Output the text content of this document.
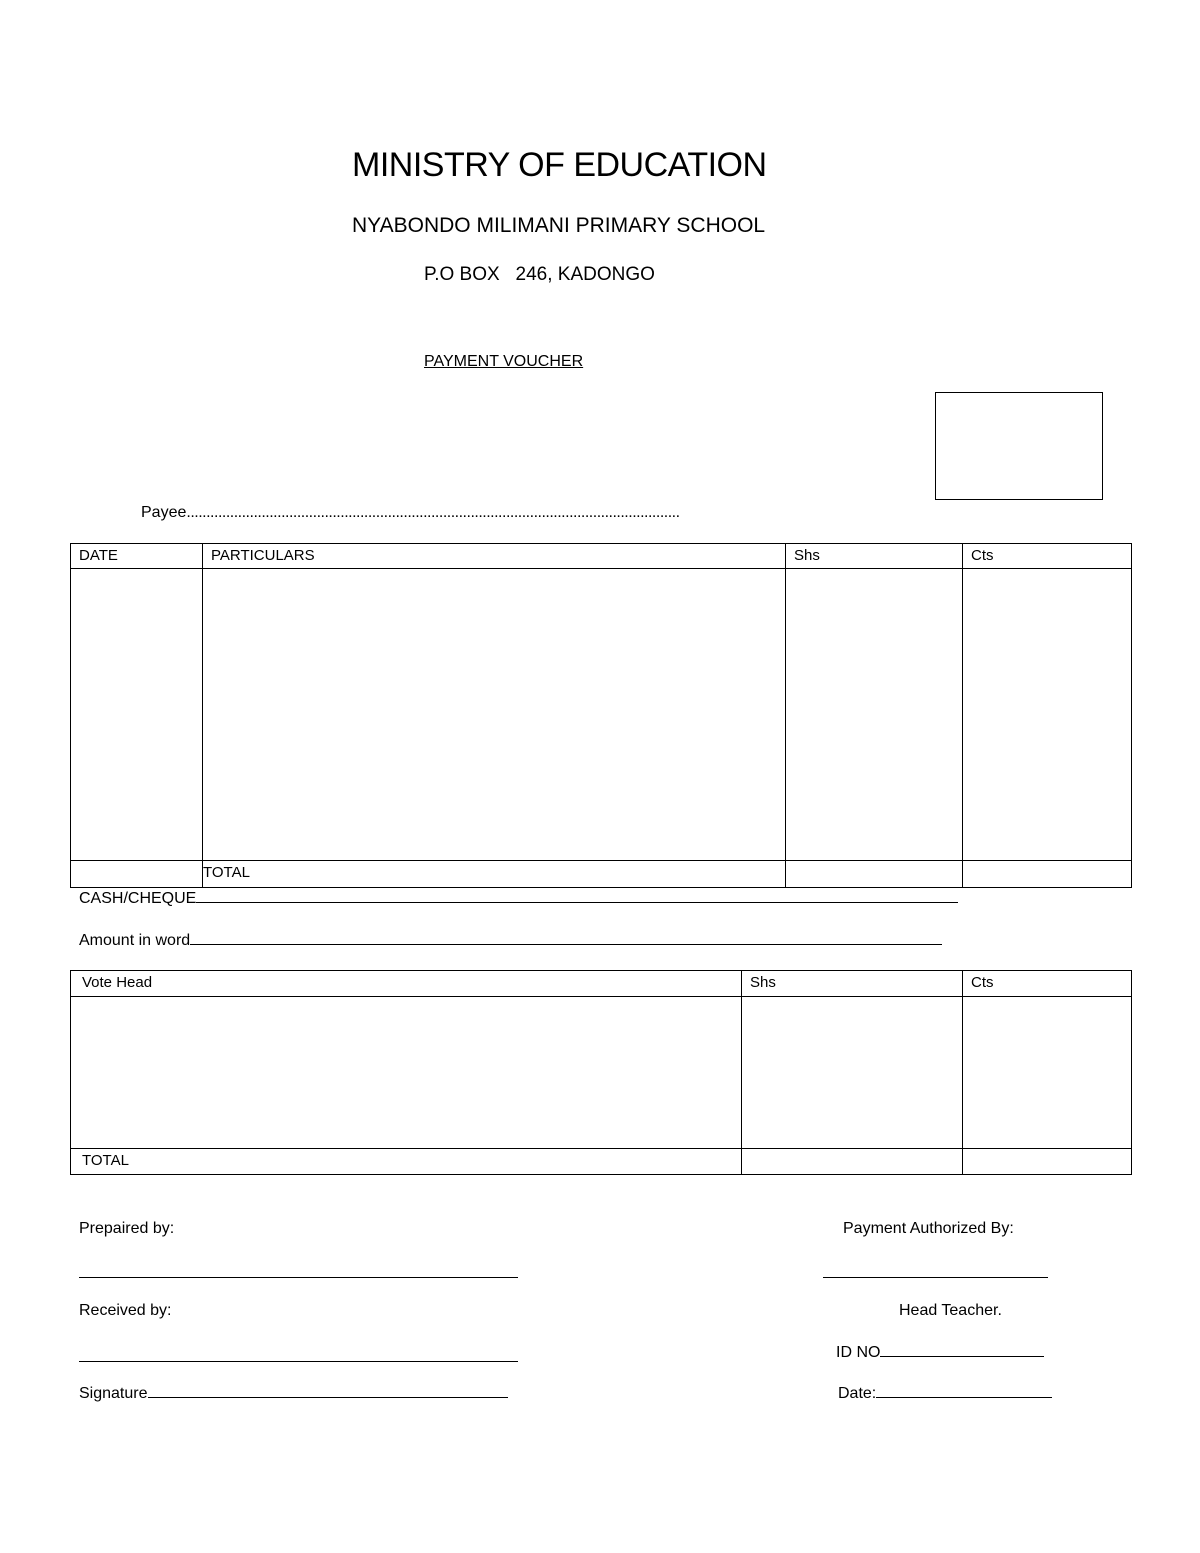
MINISTRY OF EDUCATION
NYABONDO MILIMANI PRIMARY SCHOOL
P.O BOX   246, KADONGO
PAYMENT VOUCHER
Payee.............................................................................................................................
DATE	PARTICULARS	Shs	Cts

	TOTAL		
CASH/CHEQUE
Amount in word
Vote Head	Shs	Cts

TOTAL		
Prepaired by:	Payment Authorized By:
Received by:	Head Teacher.
ID NO
Signature	Date:
